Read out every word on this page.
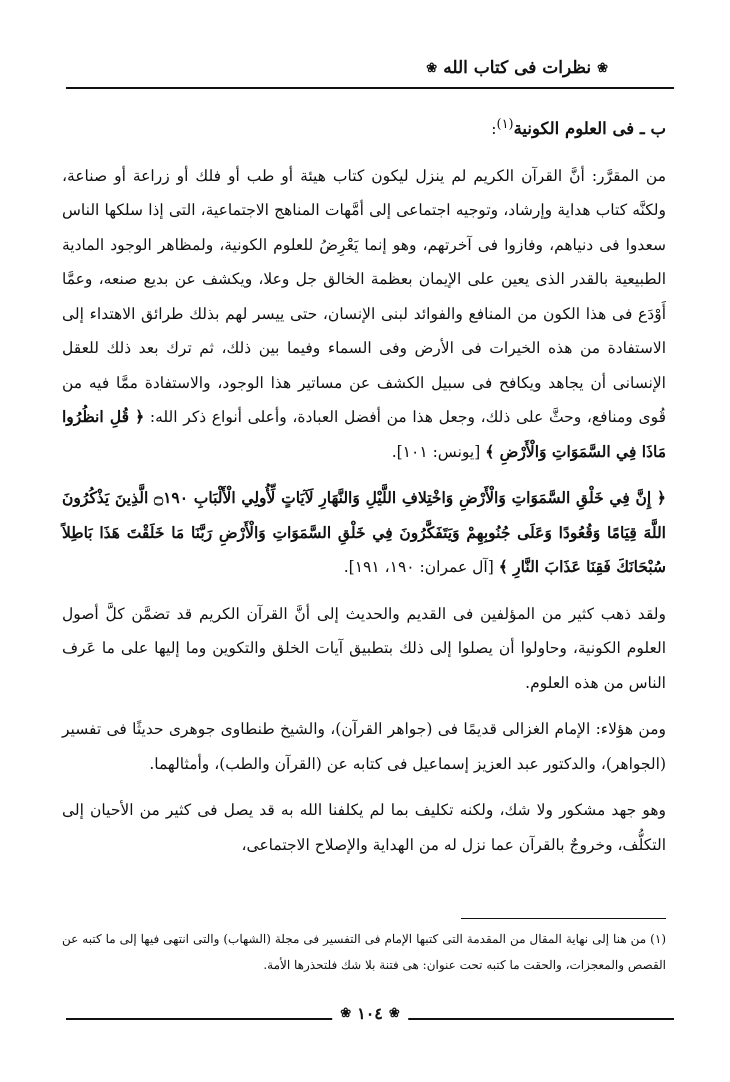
❀
نظرات فى كتاب الله
❀

ب ـ فى العلوم الكونية$^{(١)}$:

من المقرَّر: أنَّ القرآن الكريم لم ينزل ليكون كتاب هيئة أو طب أو فلك أو زراعة أو صناعة، ولكنَّه كتاب هداية وإرشاد، وتوجيه اجتماعى إلى أمَّهات المناهج الاجتماعية، التى إذا سلكها الناس سعدوا فى دنياهم، وفازوا فى آخرتهم، وهو إنما يَعْرِضُ للعلوم الكونية، ولمظاهر الوجود المادية الطبيعية بالقدر الذى يعين على الإيمان بعظمة الخالق جل وعلا، ويكشف عن بديع صنعه، وعمَّا أَوْدَع فى هذا الكون من المنافع والفوائد لبنى الإنسان، حتى ييسر لهم بذلك طرائق الاهتداء إلى الاستفادة من هذه الخيرات فى الأرض وفى السماء وفيما بين ذلك، ثم ترك بعد ذلك للعقل الإنسانى أن يجاهد ويكافح فى سبيل الكشف عن مساتير هذا الوجود، والاستفادة ممَّا فيه من قُوى ومنافع، وحثَّ على ذلك، وجعل هذا من أفضل العبادة، وأعلى أنواع ذكر الله: ﴿ قُلِ انظُرُوا مَاذَا فِي السَّمَوَاتِ وَالْأَرْضِ ﴾ [يونس: ١٠١].

﴿ إِنَّ فِي خَلْقِ السَّمَوَاتِ وَالْأَرْضِ وَاخْتِلافِ اللَّيْلِ وَالنَّهَارِ لَآيَاتٍ لِّأُولِي الْأَلْبَابِ ۝١٩٠ الَّذِينَ يَذْكُرُونَ اللَّهَ قِيَامًا وَقُعُودًا وَعَلَى جُنُوبِهِمْ وَيَتَفَكَّرُونَ فِي خَلْقِ السَّمَوَاتِ وَالْأَرْضِ رَبَّنَا مَا خَلَقْتَ هَذَا بَاطِلاً سُبْحَانَكَ فَقِنَا عَذَابَ النَّارِ ﴾ [آل عمران: ١٩٠، ١٩١].

ولقد ذهب كثير من المؤلفين فى القديم والحديث إلى أنَّ القرآن الكريم قد تضمَّن كلَّ أصول العلوم الكونية، وحاولوا أن يصلوا إلى ذلك بتطبيق آيات الخلق والتكوين وما إليها على ما عَرف الناس من هذه العلوم.

ومن هؤلاء: الإمام الغزالى قديمًا فى (جواهر القرآن)، والشيخ طنطاوى جوهرى حديثًا فى تفسير (الجواهر)، والدكتور عبد العزيز إسماعيل فى كتابه عن (القرآن والطب)، وأمثالهما.

وهو جهد مشكور ولا شك، ولكنه تكليف بما لم يكلفنا الله به قد يصل فى كثير من الأحيان إلى التكلُّف، وخروجٌ بالقرآن عما نزل له من الهداية والإصلاح الاجتماعى،

(١) من هنا إلى نهاية المقال من المقدمة التى كتبها الإمام فى التفسير فى مجلة (الشهاب) والتى انتهى فيها إلى ما كتبه عن القصص والمعجزات، والحقت ما كتبه تحت عنوان: هى فتنة بلا شك فلتحذرها الأمة.

❀ ١٠٤ ❀
